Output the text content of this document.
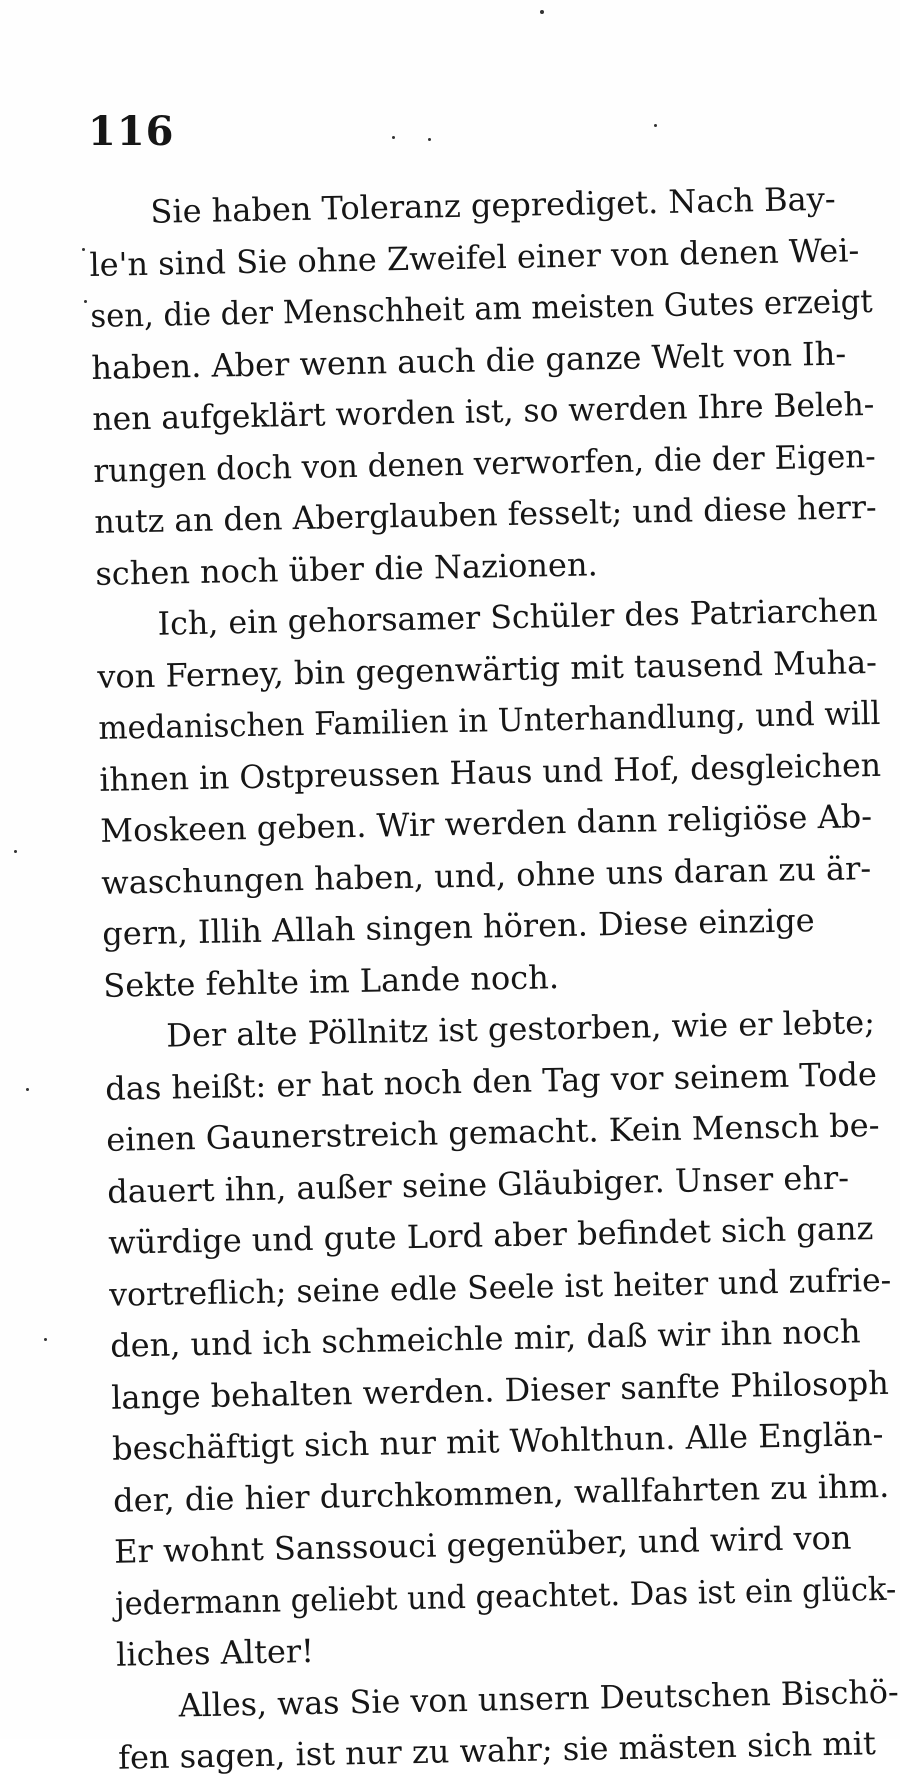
116
Sie haben Toleranz geprediget. Nach Bay-
le'n sind Sie ohne Zweifel einer von denen Wei-
sen, die der Menschheit am meisten Gutes erzeigt
haben. Aber wenn auch die ganze Welt von Ih-
nen aufgeklärt worden ist, so werden Ihre Beleh-
rungen doch von denen verworfen, die der Eigen-
nutz an den Aberglauben fesselt; und diese herr-
schen noch über die Nazionen.
Ich, ein gehorsamer Schüler des Patriarchen
von Ferney, bin gegenwärtig mit tausend Muha-
medanischen Familien in Unterhandlung, und will
ihnen in Ostpreussen Haus und Hof, desgleichen
Moskeen geben. Wir werden dann religiöse Ab-
waschungen haben, und, ohne uns daran zu är-
gern, Illih Allah singen hören. Diese einzige
Sekte fehlte im Lande noch.
Der alte Pöllnitz ist gestorben, wie er lebte;
das heißt: er hat noch den Tag vor seinem Tode
einen Gaunerstreich gemacht. Kein Mensch be-
dauert ihn, außer seine Gläubiger. Unser ehr-
würdige und gute Lord aber befindet sich ganz
vortreflich; seine edle Seele ist heiter und zufrie-
den, und ich schmeichle mir, daß wir ihn noch
lange behalten werden. Dieser sanfte Philosoph
beschäftigt sich nur mit Wohlthun. Alle Englän-
der, die hier durchkommen, wallfahrten zu ihm.
Er wohnt Sanssouci gegenüber, und wird von
jedermann geliebt und geachtet. Das ist ein glück-
liches Alter!
Alles, was Sie von unsern Deutschen Bischö-
fen sagen, ist nur zu wahr; sie mästen sich mit
